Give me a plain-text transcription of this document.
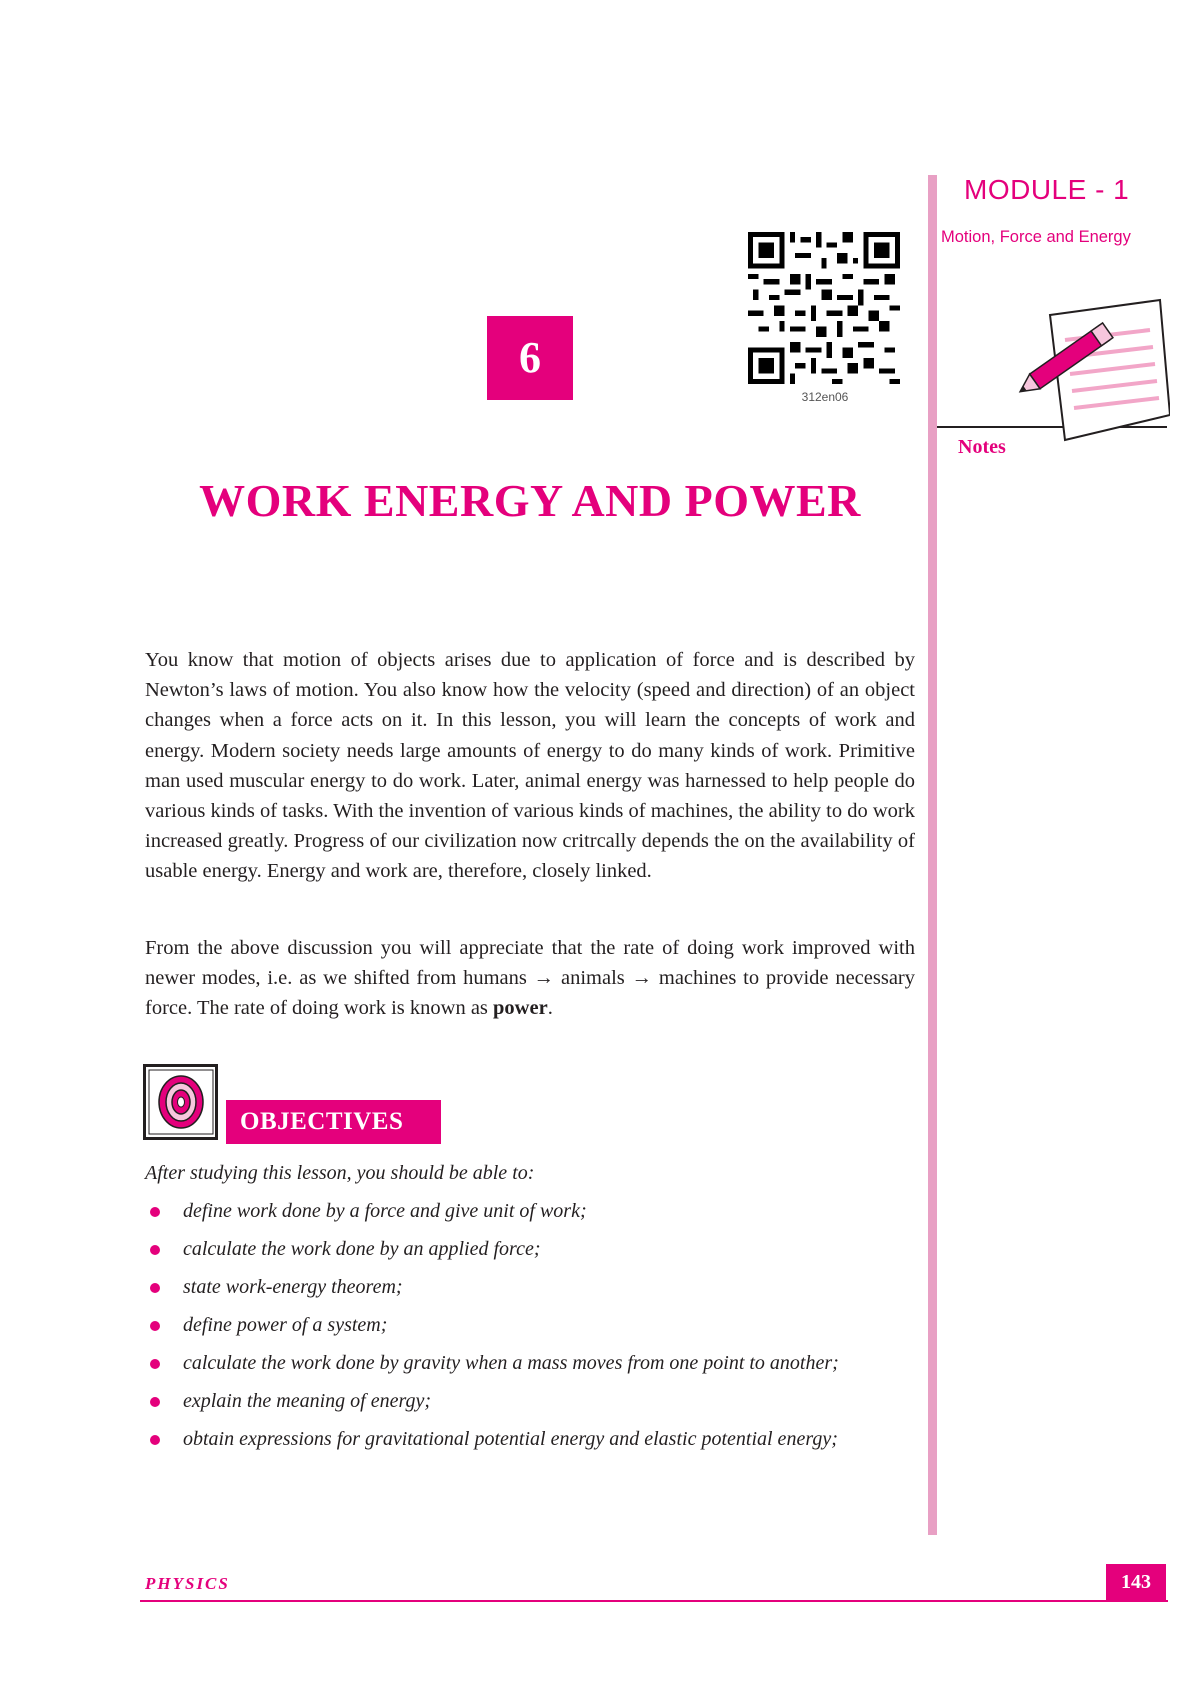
MODULE - 1
Motion, Force and Energy
Notes
6
312en06
WORK ENERGY AND POWER
You know that motion of objects arises due to application of force and is described by Newton’s laws of motion. You also know how the velocity (speed and direction) of an object changes when a force acts on it. In this lesson, you will learn the concepts of work and energy. Modern society needs large amounts of energy to do many kinds of work. Primitive man used muscular energy to do work. Later, animal energy was harnessed to help people do various kinds of tasks. With the invention of various kinds of machines, the ability to do work increased greatly. Progress of our civilization now critrcally depends the on the availability of usable energy. Energy and work are, therefore, closely linked.
From the above discussion you will appreciate that the rate of doing work improved with newer modes, i.e. as we shifted from humans → animals → machines to provide necessary force. The rate of doing work is known as power.
OBJECTIVES
After studying this lesson, you should be able to:
define work done by a force and give unit of work;
calculate the work done by an applied force;
state work-energy theorem;
define power of a system;
calculate the work done by gravity when a mass moves from one point to another;
explain the meaning of energy;
obtain expressions for gravitational potential energy and elastic potential energy;
PHYSICS	143
